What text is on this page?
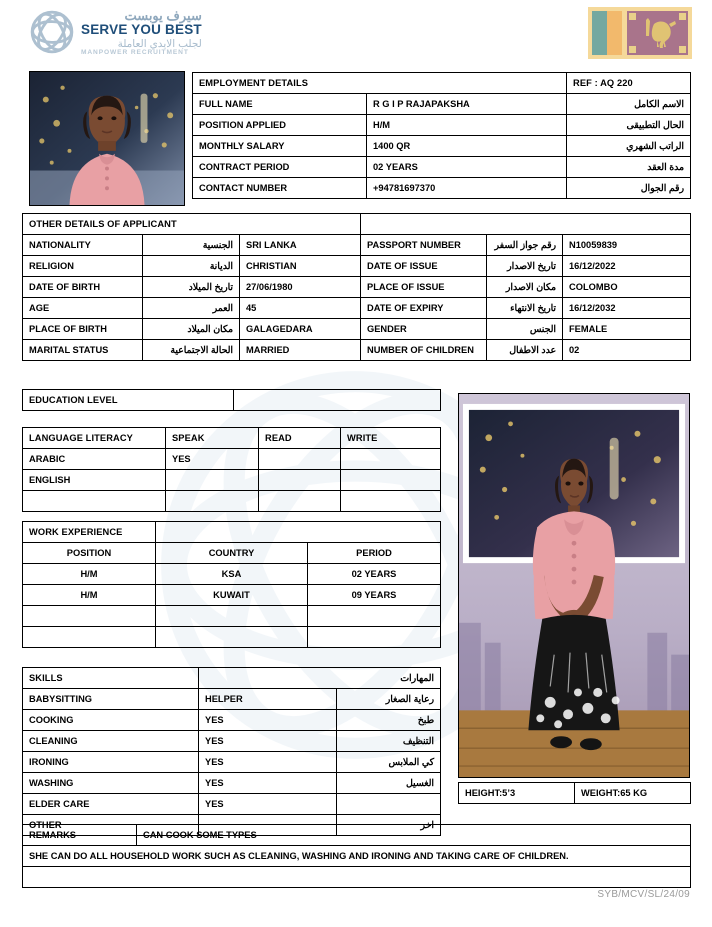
سيرف يوبست
SERVE YOU BEST
لجلب الايدي العاملة
MANPOWER RECRUITMENT
EMPLOYMENT DETAILS		REF : AQ 220
FULL NAME	R G I P RAJAPAKSHA	الاسم الكامل
POSITION APPLIED	H/M	الحال التطبيقى
MONTHLY SALARY	1400 QR	الراتب الشهري
CONTRACT PERIOD	02 YEARS	مدة العقد
CONTACT NUMBER	+94781697370	رقم الجوال
OTHER DETAILS OF APPLICANT					
NATIONALITY	الجنسية	SRI LANKA	PASSPORT NUMBER	رقم جواز السفر	N10059839
RELIGION	الديانة	CHRISTIAN	DATE OF ISSUE	تاريخ الاصدار	16/12/2022
DATE OF BIRTH	تاريخ الميلاد	27/06/1980	PLACE OF ISSUE	مكان الاصدار	COLOMBO
AGE	العمر	45	DATE OF EXPIRY	تاريخ الانتهاء	16/12/2032
PLACE OF BIRTH	مكان الميلاد	GALAGEDARA	GENDER	الجنس	FEMALE
MARITAL STATUS	الحالة الاجتماعية	MARRIED	NUMBER OF CHILDREN	عدد الاطفال	02
EDUCATION LEVEL	
LANGUAGE LITERACY	SPEAK	READ	WRITE
ARABIC	YES		
ENGLISH			

WORK EXPERIENCE		
POSITION	COUNTRY	PERIOD
H/M	KSA	02 YEARS
H/M	KUWAIT	09 YEARS

SKILLS	المهارات	
BABYSITTING	HELPER	رعاية الصغار
COOKING	YES	طبخ
CLEANING	YES	التنظيف
IRONING	YES	كي الملابس
WASHING	YES	الغسيل
ELDER CARE	YES	
OTHER		اخر
HEIGHT:5’3	WEIGHT:65 KG
REMARKS	CAN COOK SOME TYPES
SHE CAN DO ALL HOUSEHOLD WORK SUCH AS CLEANING, WASHING AND IRONING AND TAKING CARE OF CHILDREN.

SYB/MCV/SL/24/09
